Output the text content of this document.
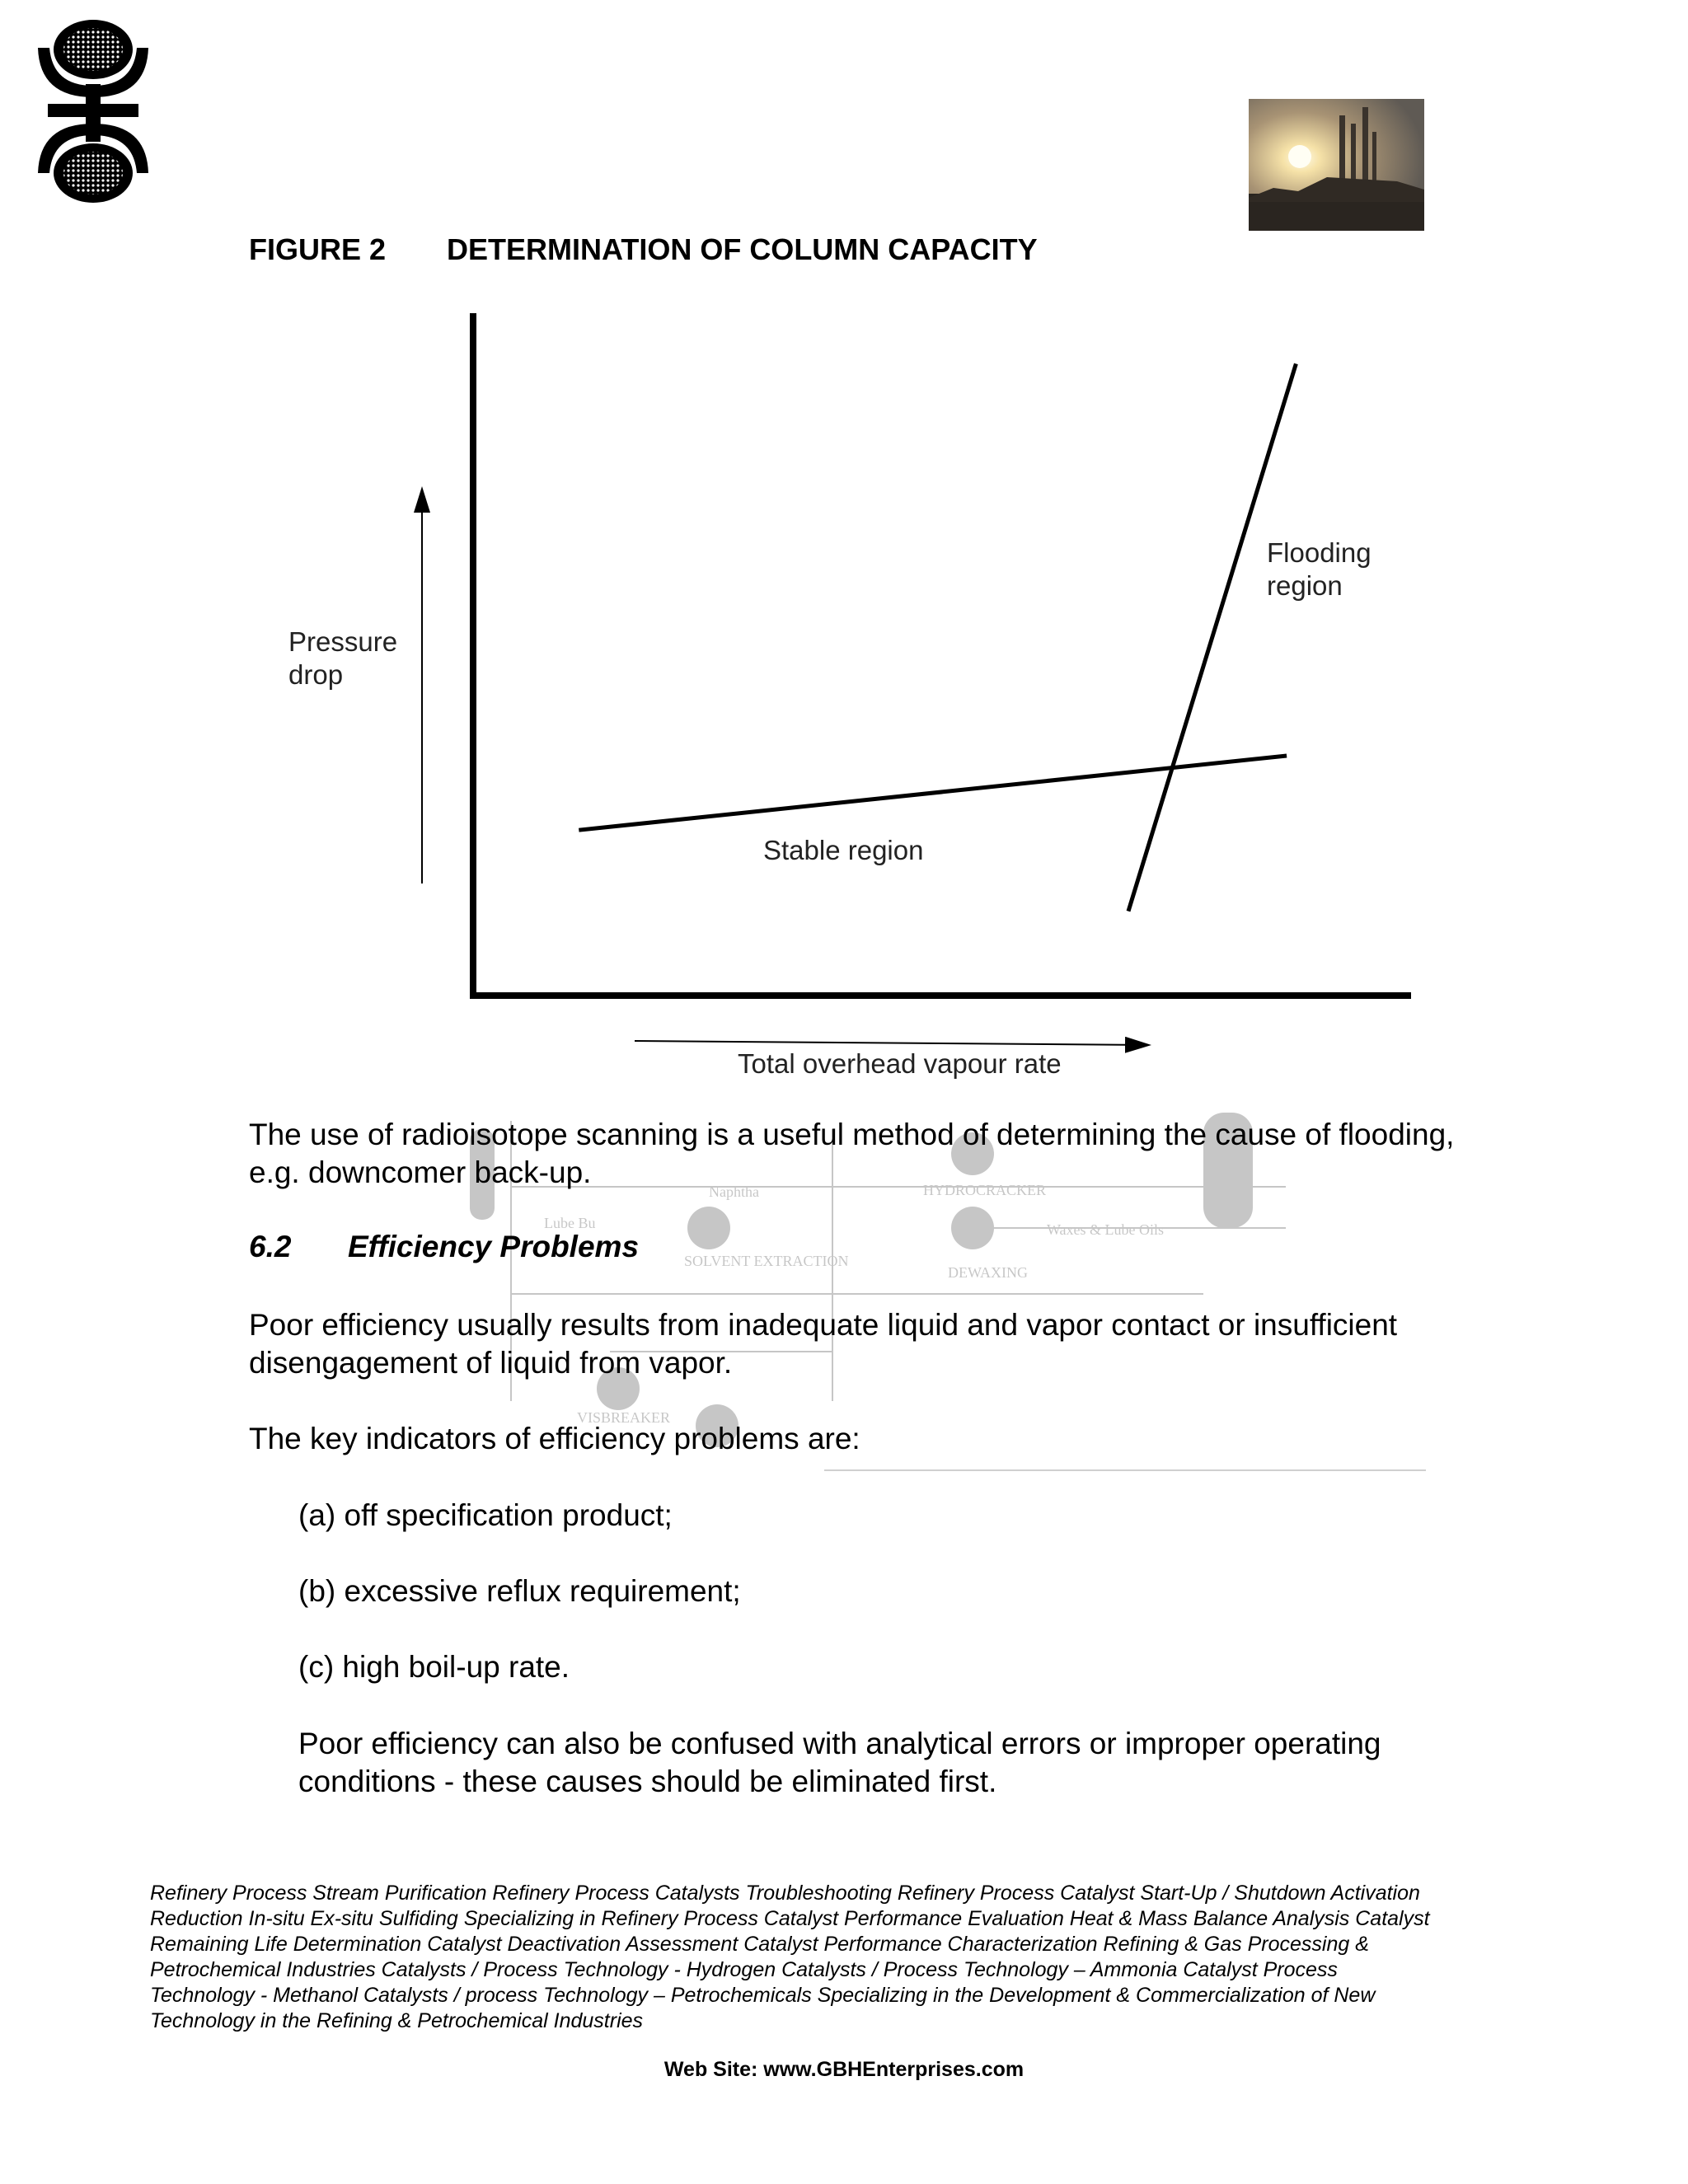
FIGURE 2 DETERMINATION OF COLUMN CAPACITY
Pressure
drop
Total overhead vapour rate
Flooding
region
Stable region
HYDROCRACKER
Waxes & Lube Oils
Naphtha
SOLVENT EXTRACTION
DEWAXING
VISBREAKER
Lube Bu
The use of radioisotope scanning is a useful method of determining the cause of flooding, e.g. downcomer back-up.
6.2 Efficiency Problems
Poor efficiency usually results from inadequate liquid and vapor contact or insufficient disengagement of liquid from vapor.
The key indicators of efficiency problems are:
(a) off specification product;
(b) excessive reflux requirement;
(c) high boil-up rate.
Poor efficiency can also be confused with analytical errors or improper operating conditions - these causes should be eliminated first.
Refinery Process Stream Purification Refinery Process Catalysts Troubleshooting Refinery Process Catalyst Start-Up / Shutdown Activation Reduction In-situ Ex-situ Sulfiding Specializing in Refinery Process Catalyst Performance Evaluation Heat & Mass Balance Analysis Catalyst Remaining Life Determination Catalyst Deactivation Assessment Catalyst Performance Characterization Refining & Gas Processing & Petrochemical Industries Catalysts / Process Technology - Hydrogen Catalysts / Process Technology – Ammonia Catalyst Process Technology - Methanol Catalysts / process Technology – Petrochemicals Specializing in the Development & Commercialization of New Technology in the Refining & Petrochemical Industries
Web Site: www.GBHEnterprises.com
